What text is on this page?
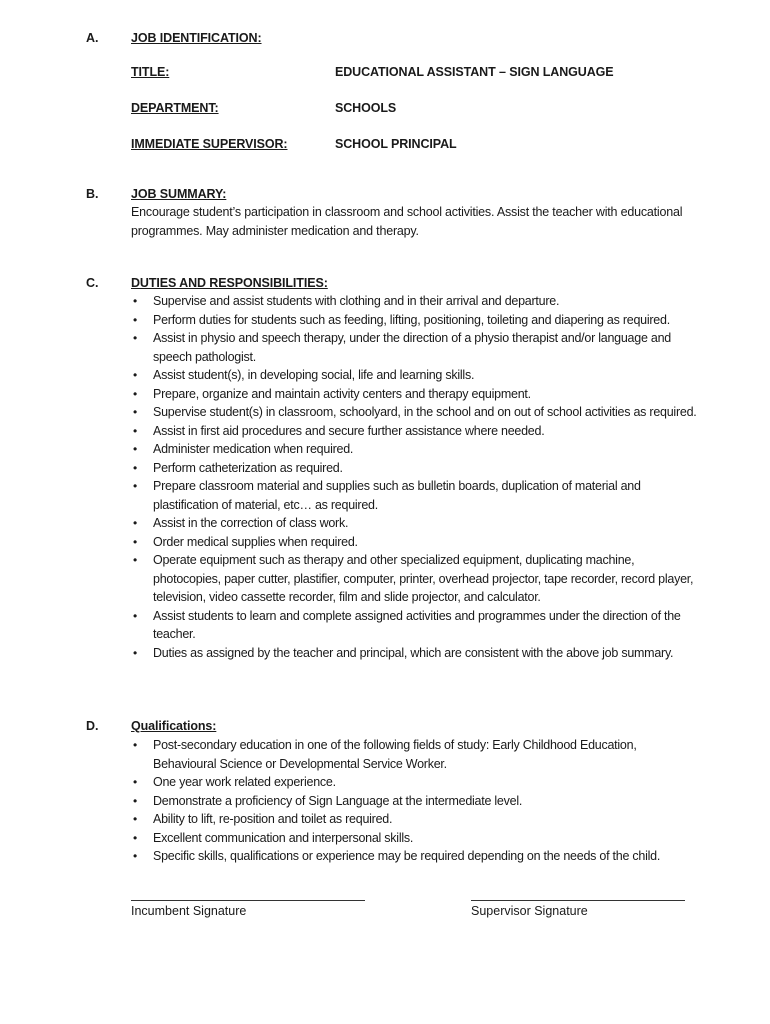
A.	JOB IDENTIFICATION:
TITLE:	EDUCATIONAL ASSISTANT – SIGN LANGUAGE
DEPARTMENT:	SCHOOLS
IMMEDIATE SUPERVISOR:	SCHOOL PRINCIPAL
B.	JOB SUMMARY:
Encourage student’s participation in classroom and school activities. Assist the teacher with educational programmes. May administer medication and therapy.
C.	DUTIES AND RESPONSIBILITIES:
• Supervise and assist students with clothing and in their arrival and departure.
• Perform duties for students such as feeding, lifting, positioning, toileting and diapering as required.
• Assist in physio and speech therapy, under the direction of a physio therapist and/or language and speech pathologist.
• Assist student(s), in developing social, life and learning skills.
• Prepare, organize and maintain activity centers and therapy equipment.
• Supervise student(s) in classroom, schoolyard, in the school and on out of school activities as required.
• Assist in first aid procedures and secure further assistance where needed.
• Administer medication when required.
• Perform catheterization as required.
• Prepare classroom material and supplies such as bulletin boards, duplication of material and plastification of material, etc… as required.
• Assist in the correction of class work.
• Order medical supplies when required.
• Operate equipment such as therapy and other specialized equipment, duplicating machine, photocopies, paper cutter, plastifier, computer, printer, overhead projector, tape recorder, record player, television, video cassette recorder, film and slide projector, and calculator.
• Assist students to learn and complete assigned activities and programmes under the direction of the teacher.
• Duties as assigned by the teacher and principal, which are consistent with the above job summary.
D.	Qualifications:
• Post-secondary education in one of the following fields of study: Early Childhood Education, Behavioural Science or Developmental Service Worker.
• One year work related experience.
• Demonstrate a proficiency of Sign Language at the intermediate level.
• Ability to lift, re-position and toilet as required.
• Excellent communication and interpersonal skills.
• Specific skills, qualifications or experience may be required depending on the needs of the child.
Incumbent Signature	Supervisor Signature
